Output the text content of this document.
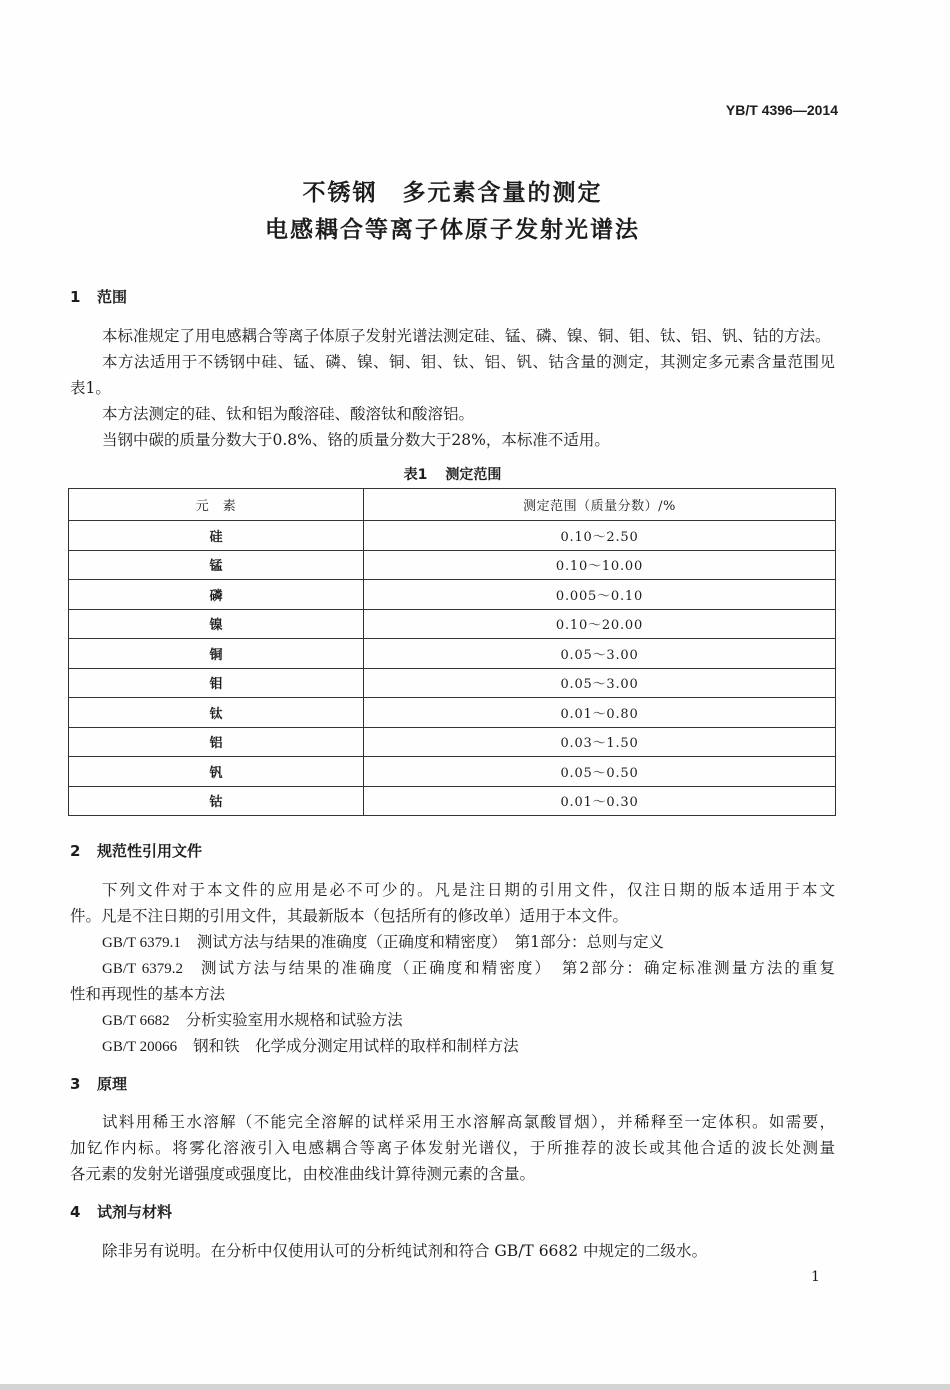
YB/T 4396—2014
不锈钢　多元素含量的测定
电感耦合等离子体原子发射光谱法
1 范围
本标准规定了用电感耦合等离子体原子发射光谱法测定硅、锰、磷、镍、铜、钼、钛、铝、钒、钴的方法。
本方法适用于不锈钢中硅、锰、磷、镍、铜、钼、钛、铝、钒、钴含量的测定，其测定多元素含量范围见
表1。
本方法测定的硅、钛和铝为酸溶硅、酸溶钛和酸溶铝。
当钢中碳的质量分数大于0.8%、铬的质量分数大于28%，本标准不适用。
表1 测定范围
元　素	测定范围（质量分数）/%
硅	0.10～2.50
锰	0.10～10.00
磷	0.005～0.10
镍	0.10～20.00
铜	0.05～3.00
钼	0.05～3.00
钛	0.01～0.80
铝	0.03～1.50
钒	0.05～0.50
钴	0.01～0.30
2 规范性引用文件
下列文件对于本文件的应用是必不可少的。凡是注日期的引用文件，仅注日期的版本适用于本文
件。凡是不注日期的引用文件，其最新版本（包括所有的修改单）适用于本文件。
GB/T 6379.1 测试方法与结果的准确度（正确度和精密度）　第1部分：总则与定义
GB/T 6379.2 测试方法与结果的准确度（正确度和精密度）　第2部分：确定标准测量方法的重复
性和再现性的基本方法
GB/T 6682 分析实验室用水规格和试验方法
GB/T 20066 钢和铁　化学成分测定用试样的取样和制样方法
3 原理
试料用稀王水溶解（不能完全溶解的试样采用王水溶解高氯酸冒烟），并稀释至一定体积。如需要，
加钇作内标。将雾化溶液引入电感耦合等离子体发射光谱仪，于所推荐的波长或其他合适的波长处测量
各元素的发射光谱强度或强度比，由校准曲线计算待测元素的含量。
4 试剂与材料
除非另有说明。在分析中仅使用认可的分析纯试剂和符合 GB/T 6682 中规定的二级水。
1
